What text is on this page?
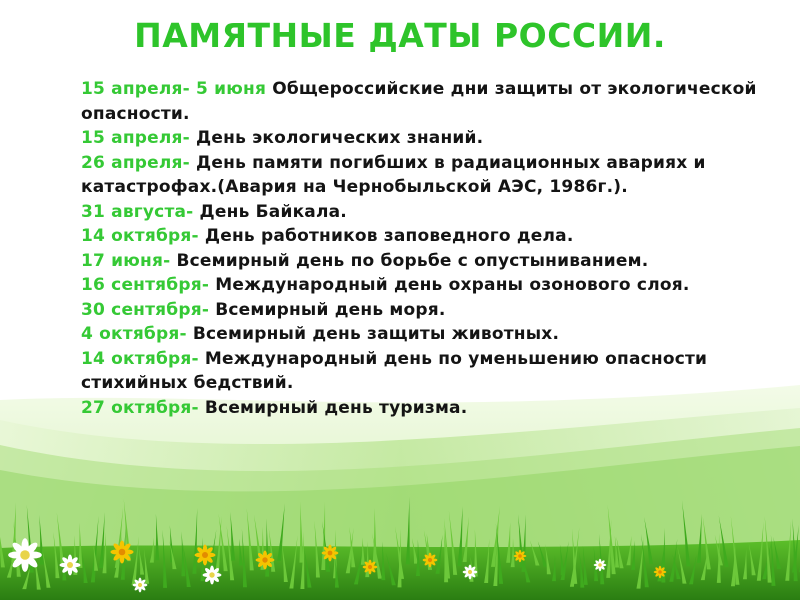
ПАМЯТНЫЕ ДАТЫ РОССИИ.

15 апреля- 5 июня Общероссийские дни защиты от экологической опасности.

15 апреля- День экологических знаний.

26 апреля- День памяти погибших в радиационных авариях и катастрофах.(Авария на Чернобыльской АЭС, 1986г.).

31 августа- День Байкала.

14 октября- День работников заповедного дела.

17 июня- Всемирный день по борьбе с опустыниванием.

16 сентября- Международный день охраны озонового слоя.

30 сентября- Всемирный день моря.

4 октября- Всемирный день защиты животных.

14 октября- Международный день по уменьшению опасности стихийных бедствий.

27 октября- Всемирный день туризма.
